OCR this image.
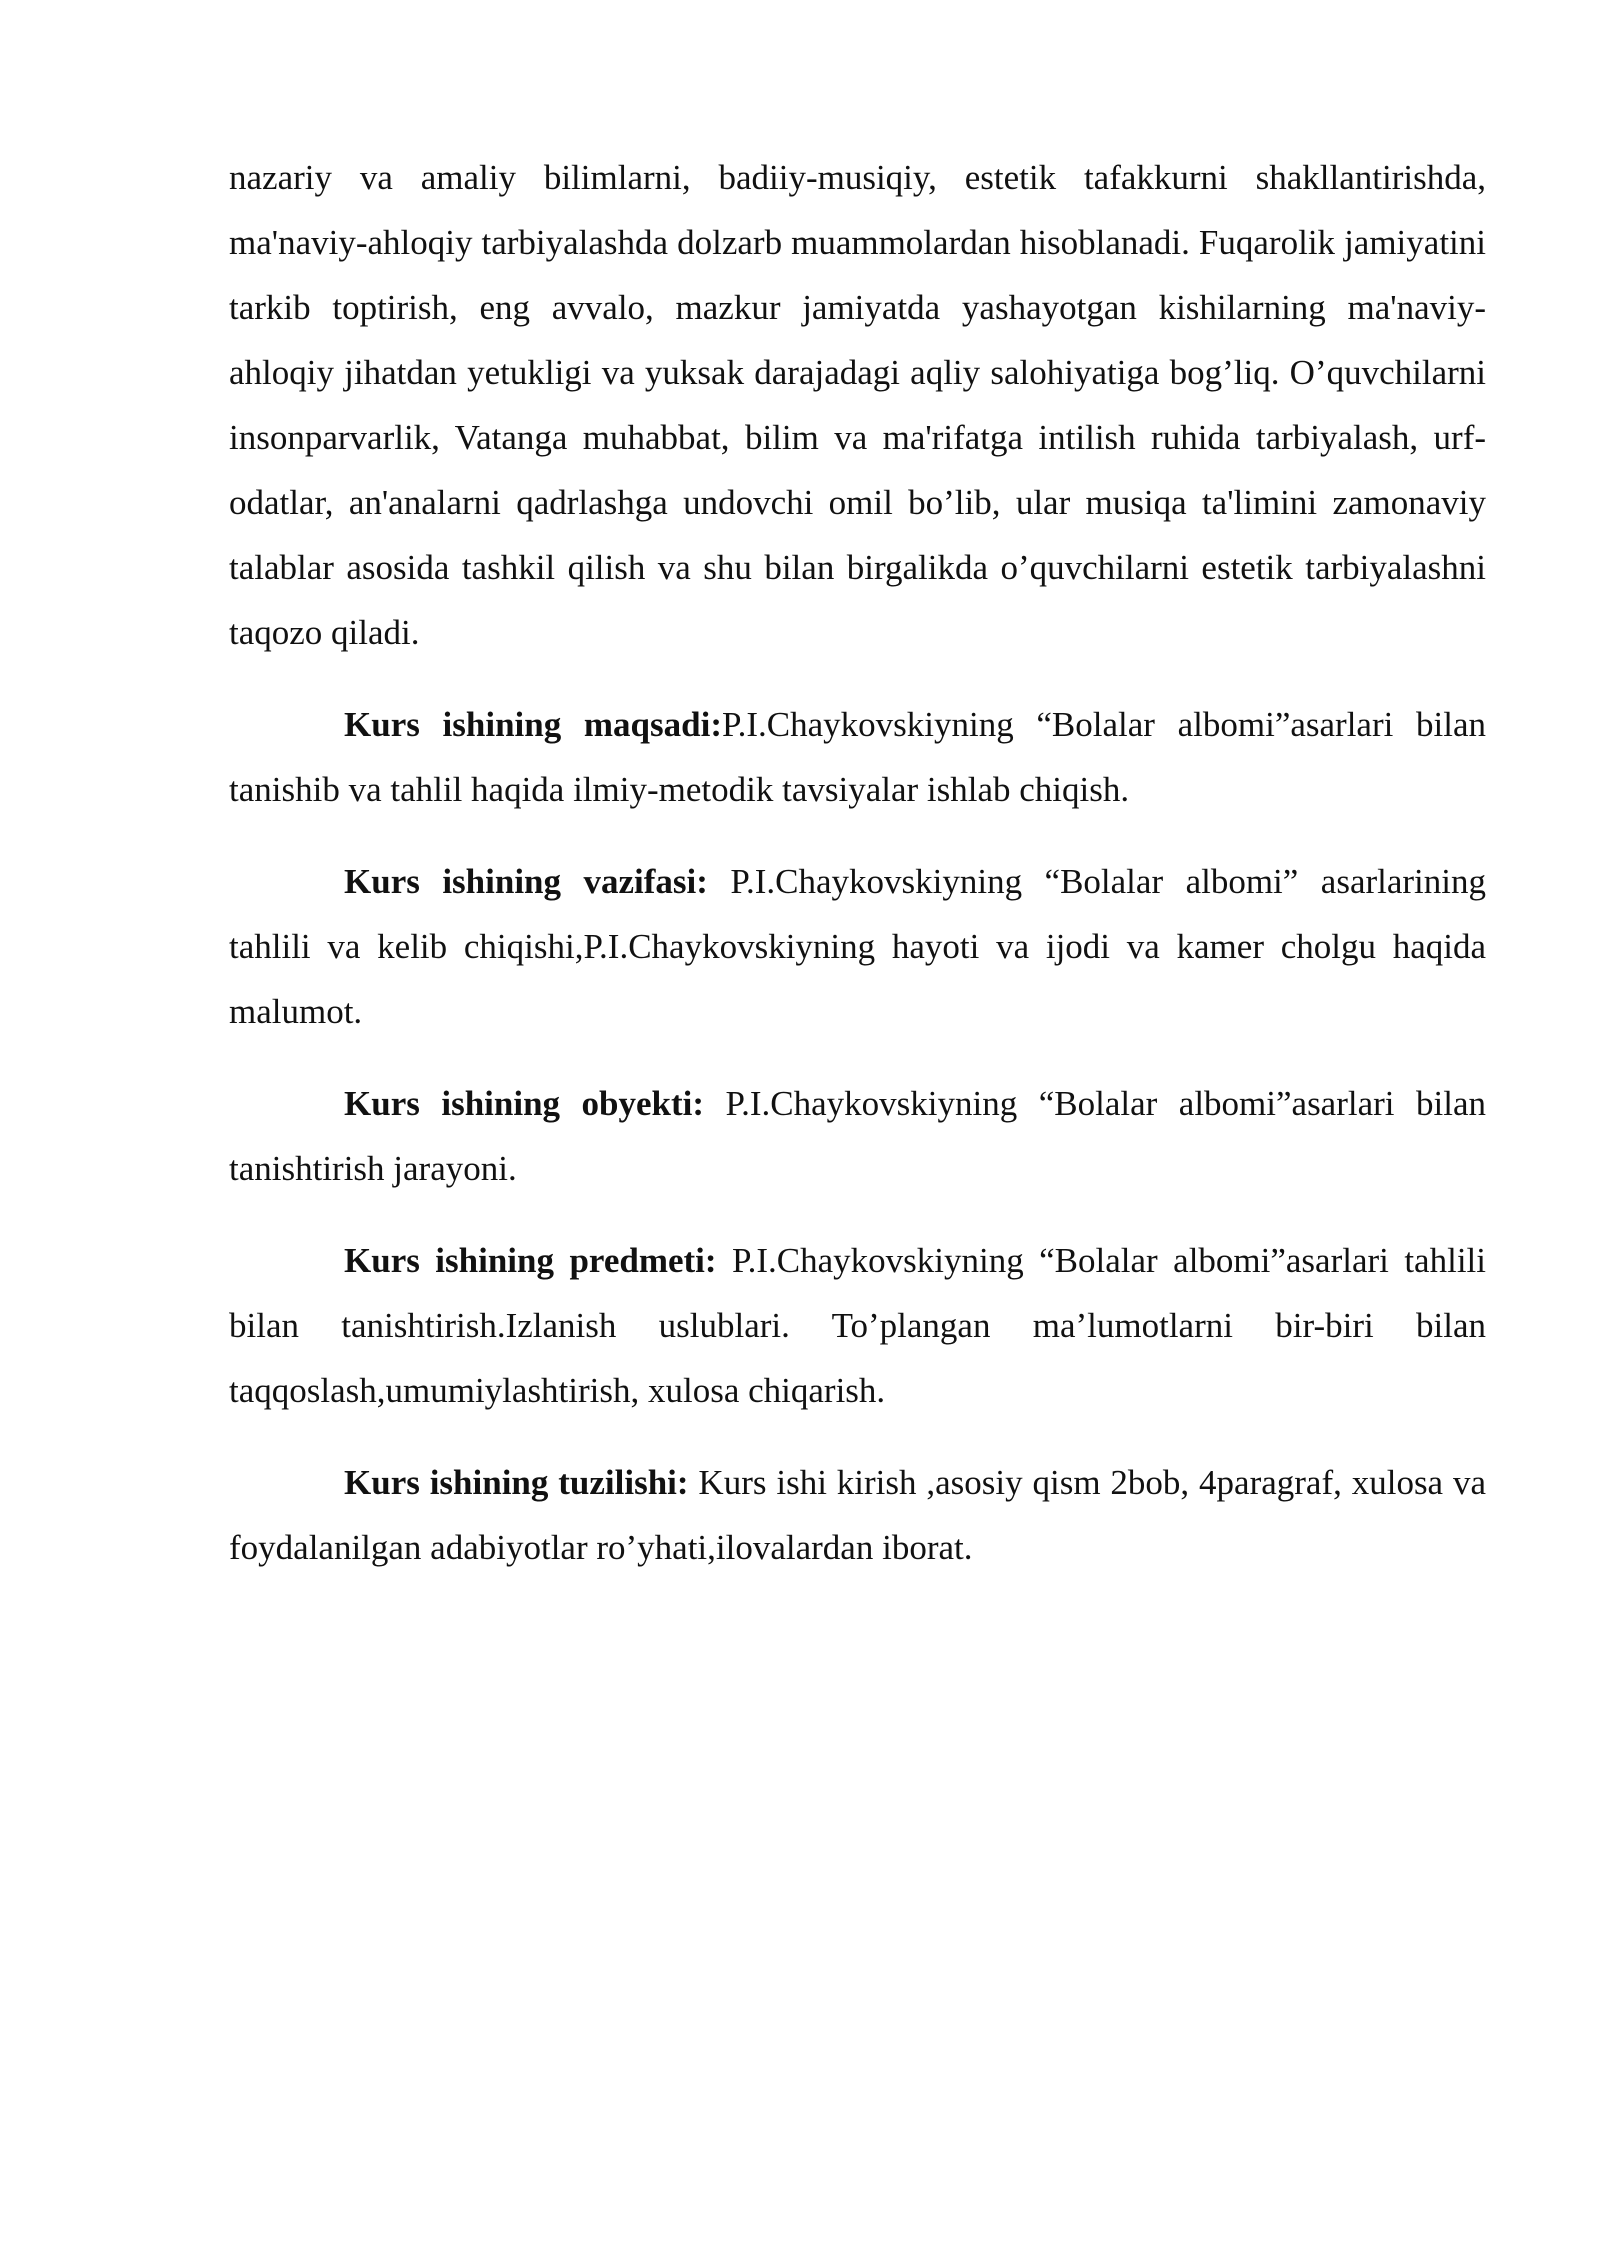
nazariy va amaliy bilimlarni, badiiy-musiqiy, estetik tafakkurni shakllantirishda, ma'naviy-ahloqiy tarbiyalashda dolzarb muammolardan hisoblanadi. Fuqarolik jamiyatini tarkib toptirish, eng avvalo, mazkur jamiyatda yashayotgan kishilarning ma'naviy-ahloqiy jihatdan yetukligi va yuksak darajadagi aqliy salohiyatiga bog’liq. O’quvchilarni insonparvarlik, Vatanga muhabbat, bilim va ma'rifatga intilish ruhida tarbiyalash, urf-odatlar, an'analarni qadrlashga undovchi omil bo’lib, ular musiqa ta'limini zamonaviy talablar asosida tashkil qilish va shu bilan birgalikda o’quvchilarni estetik tarbiyalashni taqozo qiladi.

Kurs ishining maqsadi:P.I.Chaykovskiyning “Bolalar albomi”asarlari bilan tanishib va tahlil haqida ilmiy-metodik tavsiyalar ishlab chiqish.

Kurs ishining vazifasi: P.I.Chaykovskiyning “Bolalar albomi” asarlarining tahlili va kelib chiqishi,P.I.Chaykovskiyning hayoti va ijodi va kamer cholgu haqida malumot.

Kurs ishining obyekti: P.I.Chaykovskiyning “Bolalar albomi”asarlari bilan tanishtirish jarayoni.

Kurs ishining predmeti: P.I.Chaykovskiyning “Bolalar albomi”asarlari tahlili bilan tanishtirish.Izlanish uslublari. To’plangan ma’lumotlarni bir-biri bilan taqqoslash,umumiylashtirish, xulosa chiqarish.

Kurs ishining tuzilishi: Kurs ishi kirish ,asosiy qism 2bob, 4paragraf, xulosa va foydalanilgan adabiyotlar ro’yhati,ilovalardan iborat.
